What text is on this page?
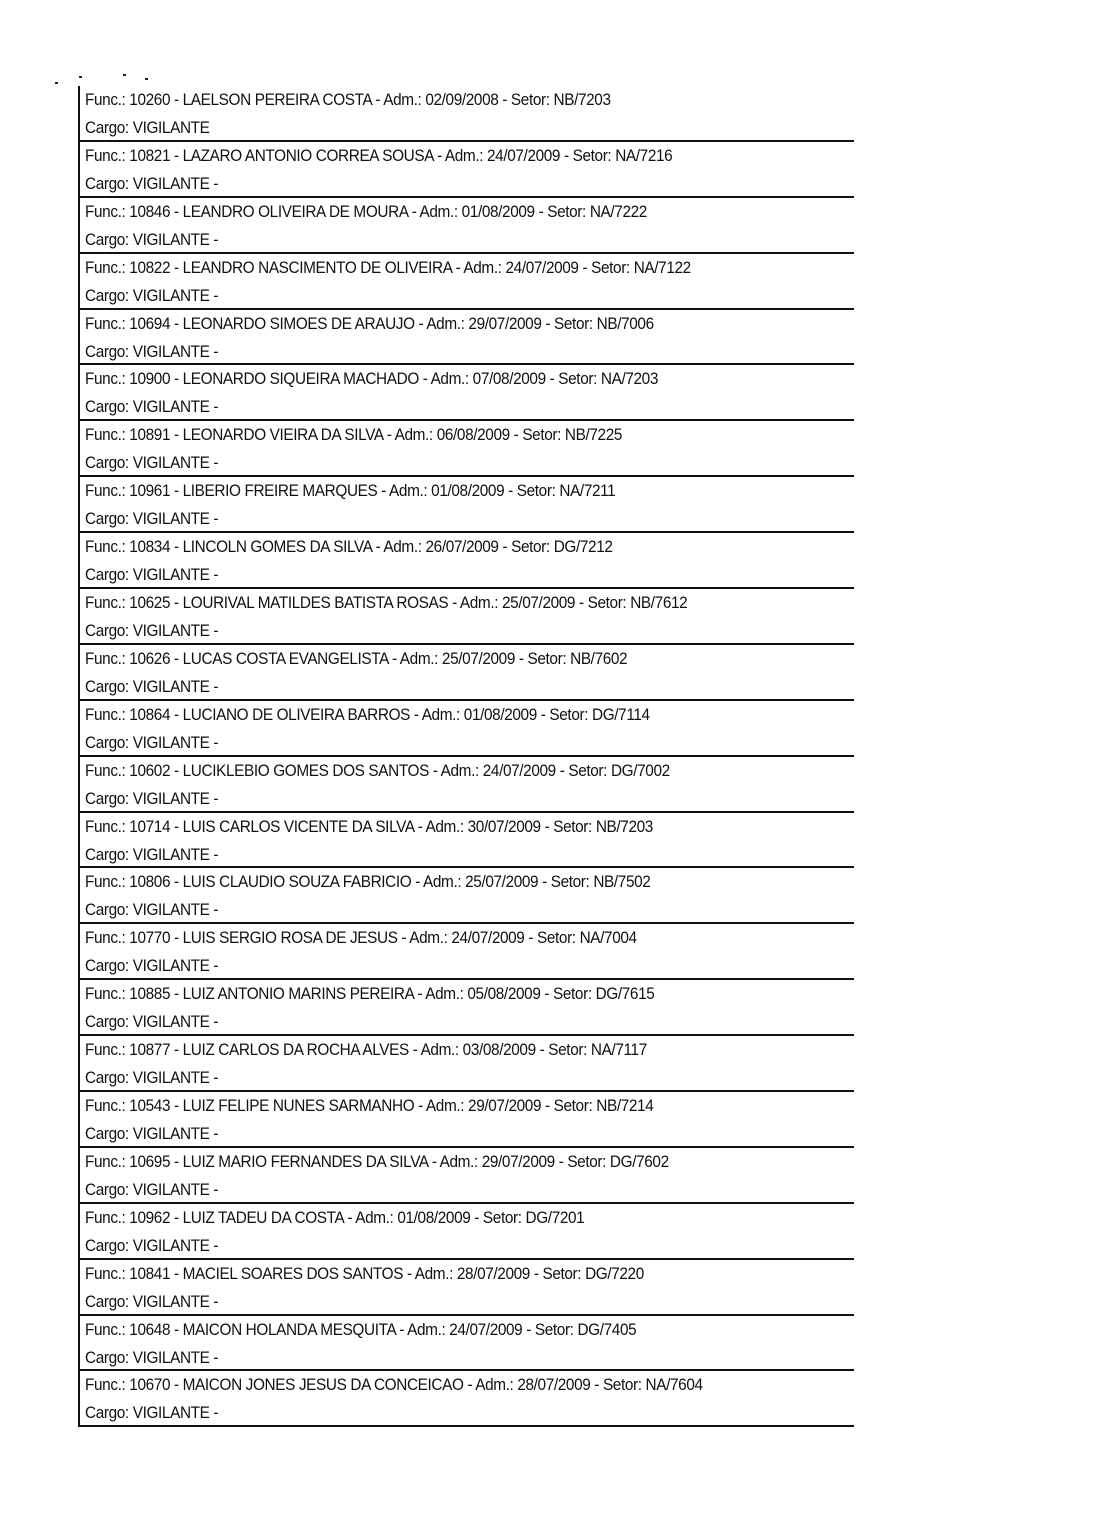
Func.: 10260 - LAELSON PEREIRA COSTA - Adm.: 02/09/2008 - Setor: NB/7203
Cargo: VIGILANTE
Func.: 10821 - LAZARO ANTONIO CORREA SOUSA - Adm.: 24/07/2009 - Setor: NA/7216
Cargo: VIGILANTE -
Func.: 10846 - LEANDRO OLIVEIRA DE MOURA - Adm.: 01/08/2009 - Setor: NA/7222
Cargo: VIGILANTE -
Func.: 10822 - LEANDRO NASCIMENTO DE OLIVEIRA - Adm.: 24/07/2009 - Setor: NA/7122
Cargo: VIGILANTE -
Func.: 10694 - LEONARDO SIMOES DE ARAUJO - Adm.: 29/07/2009 - Setor: NB/7006
Cargo: VIGILANTE -
Func.: 10900 - LEONARDO SIQUEIRA MACHADO - Adm.: 07/08/2009 - Setor: NA/7203
Cargo: VIGILANTE -
Func.: 10891 - LEONARDO VIEIRA DA SILVA - Adm.: 06/08/2009 - Setor: NB/7225
Cargo: VIGILANTE -
Func.: 10961 - LIBERIO FREIRE MARQUES - Adm.: 01/08/2009 - Setor: NA/7211
Cargo: VIGILANTE -
Func.: 10834 - LINCOLN GOMES DA SILVA - Adm.: 26/07/2009 - Setor: DG/7212
Cargo: VIGILANTE -
Func.: 10625 - LOURIVAL MATILDES BATISTA ROSAS - Adm.: 25/07/2009 - Setor: NB/7612
Cargo: VIGILANTE -
Func.: 10626 - LUCAS COSTA EVANGELISTA - Adm.: 25/07/2009 - Setor: NB/7602
Cargo: VIGILANTE -
Func.: 10864 - LUCIANO DE OLIVEIRA BARROS - Adm.: 01/08/2009 - Setor: DG/7114
Cargo: VIGILANTE -
Func.: 10602 - LUCIKLEBIO GOMES DOS SANTOS - Adm.: 24/07/2009 - Setor: DG/7002
Cargo: VIGILANTE -
Func.: 10714 - LUIS CARLOS VICENTE DA SILVA - Adm.: 30/07/2009 - Setor: NB/7203
Cargo: VIGILANTE -
Func.: 10806 - LUIS CLAUDIO SOUZA FABRICIO - Adm.: 25/07/2009 - Setor: NB/7502
Cargo: VIGILANTE -
Func.: 10770 - LUIS SERGIO ROSA DE JESUS - Adm.: 24/07/2009 - Setor: NA/7004
Cargo: VIGILANTE -
Func.: 10885 - LUIZ ANTONIO MARINS PEREIRA - Adm.: 05/08/2009 - Setor: DG/7615
Cargo: VIGILANTE -
Func.: 10877 - LUIZ CARLOS DA ROCHA ALVES - Adm.: 03/08/2009 - Setor: NA/7117
Cargo: VIGILANTE -
Func.: 10543 - LUIZ FELIPE NUNES SARMANHO - Adm.: 29/07/2009 - Setor: NB/7214
Cargo: VIGILANTE -
Func.: 10695 - LUIZ MARIO FERNANDES DA SILVA - Adm.: 29/07/2009 - Setor: DG/7602
Cargo: VIGILANTE -
Func.: 10962 - LUIZ TADEU DA COSTA - Adm.: 01/08/2009 - Setor: DG/7201
Cargo: VIGILANTE -
Func.: 10841 - MACIEL SOARES DOS SANTOS - Adm.: 28/07/2009 - Setor: DG/7220
Cargo: VIGILANTE -
Func.: 10648 - MAICON HOLANDA MESQUITA - Adm.: 24/07/2009 - Setor: DG/7405
Cargo: VIGILANTE -
Func.: 10670 - MAICON JONES JESUS DA CONCEICAO - Adm.: 28/07/2009 - Setor: NA/7604
Cargo: VIGILANTE -
